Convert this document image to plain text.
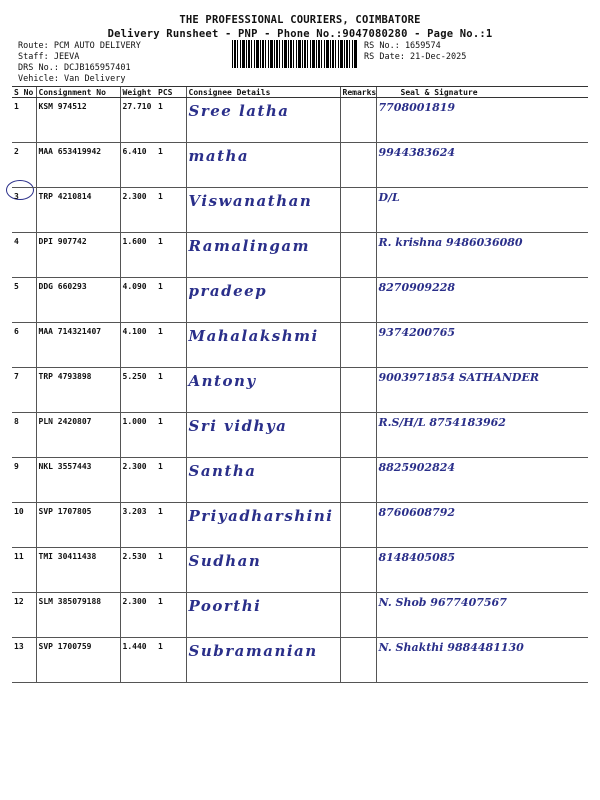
THE PROFESSIONAL COURIERS, COIMBATORE
Delivery Runsheet - PNP - Phone No.:9047080280 - Page No.:1
Route: PCM AUTO DELIVERY
Staff: JEEVA
DRS No.: DCJB165957401
Vehicle: Van Delivery
RS No.: 1659574
RS Date: 21-Dec-2025
S No	Consignment No	Weight	PCS	Consignee Details	Remarks	Seal & Signature
1	KSM 974512	27.710	1	Sree latha		7708001819
2	MAA 653419942	6.410	1	matha		9944383624
3	TRP 4210814	2.300	1	Viswanathan		D/L
4	DPI 907742	1.600	1	Ramalingam		R. krishna 9486036080
5	DDG 660293	4.090	1	pradeep		8270909228
6	MAA 714321407	4.100	1	Mahalakshmi		9374200765
7	TRP 4793898	5.250	1	Antony		9003971854 SATHANDER
8	PLN 2420807	1.000	1	Sri vidhya		R.S/H/L 8754183962
9	NKL 3557443	2.300	1	Santha		8825902824
10	SVP 1707805	3.203	1	Priyadharshini		8760608792
11	TMI 30411438	2.530	1	Sudhan		8148405085
12	SLM 385079188	2.300	1	Poorthi		N. Shob 9677407567
13	SVP 1700759	1.440	1	Subramanian		N. Shakthi 9884481130
